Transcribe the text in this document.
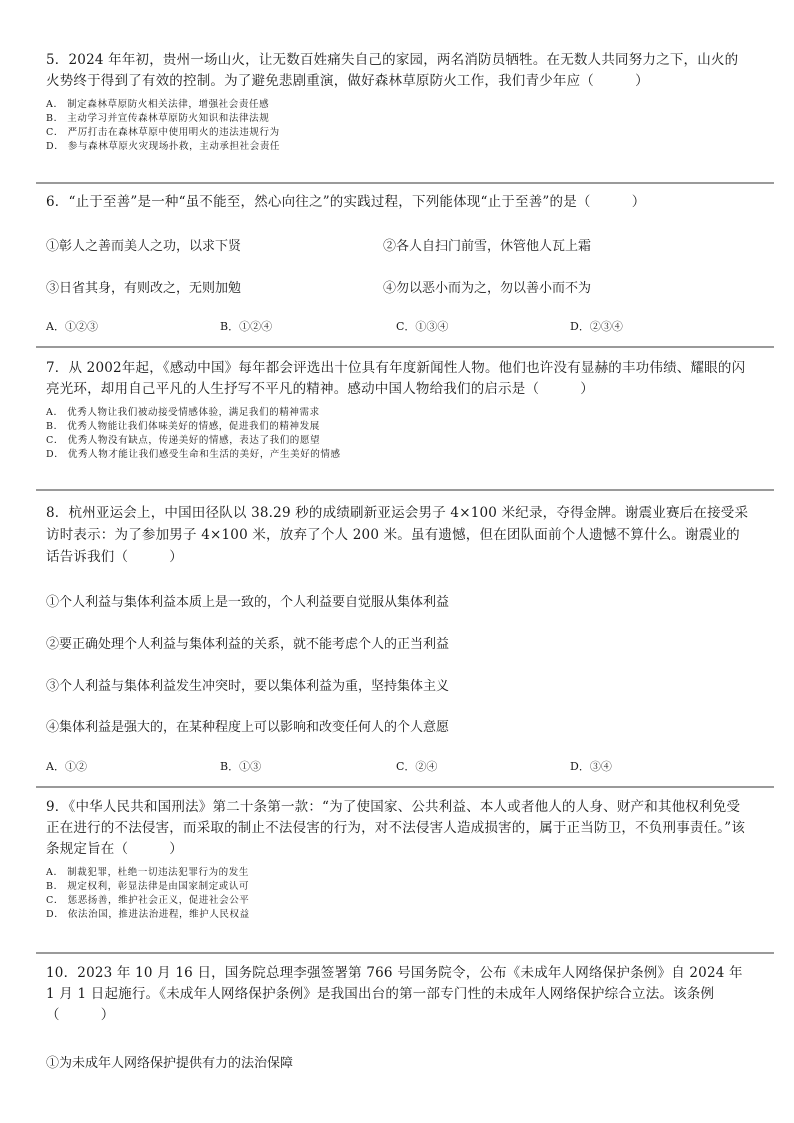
5．2024 年年初，贵州一场山火，让无数百姓痛失自己的家园，两名消防员牺牲。在无数人共同努力之下，山火的火势终于得到了有效的控制。为了避免悲剧重演，做好森林草原防火工作，我们青少年应（　　　）

A． 制定森林草原防火相关法律，增强社会责任感

B． 主动学习并宣传森林草原防火知识和法律法规

C． 严厉打击在森林草原中使用明火的违法违规行为

D． 参与森林草原火灾现场扑救，主动承担社会责任

6．“止于至善”是一种“虽不能至，然心向往之”的实践过程，下列能体现“止于至善”的是（　　　）

①彰人之善而美人之功，以求下贤	②各人自扫门前雪，休管他人瓦上霜
③日省其身，有则改之，无则加勉	④勿以恶小而为之，勿以善小而不为
A．①②③	B．①②④	C．①③④	D．②③④

7．从 2002年起，《感动中国》每年都会评选出十位具有年度新闻性人物。他们也许没有显赫的丰功伟绩、耀眼的闪亮光环，却用自己平凡的人生抒写不平凡的精神。感动中国人物给我们的启示是（　　　）

A． 优秀人物让我们被动接受情感体验，满足我们的精神需求

B． 优秀人物能让我们体味美好的情感，促进我们的精神发展

C． 优秀人物没有缺点，传递美好的情感，表达了我们的愿望

D． 优秀人物才能让我们感受生命和生活的美好，产生美好的情感

8．杭州亚运会上，中国田径队以 38.29 秒的成绩刷新亚运会男子 4×100 米纪录，夺得金牌。谢震业赛后在接受采访时表示：为了参加男子 4×100 米，放弃了个人 200 米。虽有遗憾，但在团队面前个人遗憾不算什么。谢震业的话告诉我们（　　　）

①个人利益与集体利益本质上是一致的，个人利益要自觉服从集体利益
②要正确处理个人利益与集体利益的关系，就不能考虑个人的正当利益
③个人利益与集体利益发生冲突时，要以集体利益为重，坚持集体主义
④集体利益是强大的，在某种程度上可以影响和改变任何人的个人意愿
A．①②	B．①③	C．②④	D．③④

9．《中华人民共和国刑法》第二十条第一款：“为了使国家、公共利益、本人或者他人的人身、财产和其他权利免受正在进行的不法侵害，而采取的制止不法侵害的行为，对不法侵害人造成损害的，属于正当防卫，不负刑事责任。”该条规定旨在（　　　）

A． 制裁犯罪，杜绝一切违法犯罪行为的发生

B． 规定权利，彰显法律是由国家制定或认可

C． 惩恶扬善，维护社会正义，促进社会公平

D． 依法治国，推进法治进程，维护人民权益

10．2023 年 10 月 16 日，国务院总理李强签署第 766 号国务院令，公布《未成年人网络保护条例》自 2024 年 1 月 1 日起施行。《未成年人网络保护条例》是我国出台的第一部专门性的未成年人网络保护综合立法。该条例（　　　）

①为未成年人网络保护提供有力的法治保障
